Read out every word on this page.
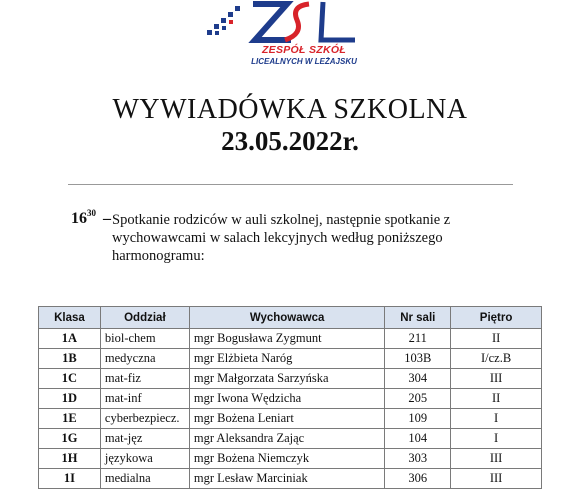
ZESPÓŁ SZKÓŁ
LICEALNYCH W LEŻAJSKU
WYWIADÓWKA SZKOLNA
23.05.2022r.
$16^{30}$ – Spotkanie rodziców w auli szkolnej, następnie spotkanie z wychowawcami w salach lekcyjnych według poniższego harmonogramu:
Klasa	Oddział	Wychowawca	Nr sali	Piętro
1A	biol-chem	mgr Bogusława Zygmunt	211	II
1B	medyczna	mgr Elżbieta Naróg	103B	I/cz.B
1C	mat-fiz	mgr Małgorzata Sarzyńska	304	III
1D	mat-inf	mgr Iwona Wędzicha	205	II
1E	cyberbezpiecz.	mgr Bożena Leniart	109	I
1G	mat-jęz	mgr Aleksandra Zając	104	I
1H	językowa	mgr Bożena Niemczyk	303	III
1I	medialna	mgr Lesław Marciniak	306	III
